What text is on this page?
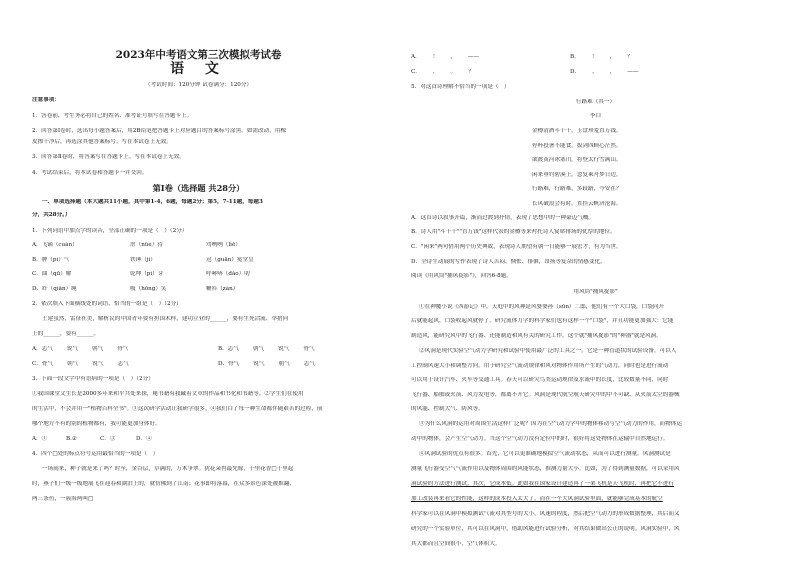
2023年中考语文第三次模拟考试卷
语 文
（考试时间：120分钟 试卷满分：120分）
注意事项：
1．答卷前，考生务必将自己的姓名、准考证号填写在答题卡上。
2．回答第Ⅰ卷时，选出每小题答案后，用2B铅笔把答题卡上对应题目的答案标号涂黑。如需改动，用橡
皮擦干净后，再选涂其他答案标号。写在本试卷上无效。
3．回答第Ⅱ卷时，将答案写在答题卡上。写在本试卷上无效。
4．考试结束后，将本试卷和答题卡一并交回。
第Ⅰ卷（选择题 共28分）
一、单项选择题（本大题共11小题，其中第1-4，6题，每题2分；第5，7-11题，每题3
分，共28分。）
1．下列词语中加点字的读音，全部正确的一项是（　）（2分）
A．飞镝（cuàn）	虐（nüè）待	骂咧咧（liē）
B．脾（pí）气	铁锤（jì）	冠（guān）冕堂皇
C．曲（qū）解	乾坤（pí）芽	呼哧哧（dǎo）叨
D．纤（qiān）绳	吸（hōng）笑	鞭笞（zán）
2．依次填入下面横线处的词语，恰当的一组是（　）（2分）
土建虽然，雷征在美，解析民的中国青年要有担国术样，建功立业的______，要有生死洽流、举措向
上的______，要有______。
A．志气	锐气	朝气	骨气	B．志气	朝气	锐气	骨气
C．骨气	朝气	锐气	志气	D．骨气	锐气	朝气	志气
3．下面一段文字中有语病的一项是（　）（2分）
①我国课堂文生长是2000多年来和平共处来探，秘书籍有我藏着文章的作品和书化和书籍等。②学生们在使用
的生活中，不会并用一"植物百科全书"。③这次研学活动让我研学很多。④我们白了每一种生命都伴随艰苦的过程，前
哪个地方不有的别的植物都有，我可能更加身体好。
A．①	B.②	C．③	D．④
4．四个□处的标点符号运用最恰当的一项是（　）
一场雨来，种子就是来了吗？时至，金谷层，草满的，万木争翠。犹花朵兽最先嫁，十里花香□千里起
时，燕子们一级一级地展飞在迎春和湖泊上的，就仿佛到了江南；花事即将落幕，在众多景色深处被推翻，
两三条鱼，一簇海两叫□
A． ！ ， ——	B． ！ ， ？
C． ， 。 ？	D． ， ， ——
5．对这首诗理解不恰当的一项是（　）
行路难（其一）
李白
金樽清酒斗十千，玉盘珍羞直万钱。
停杯投箸不能食，拔剑四顾心茫然。
欲渡黄河冰塞川，将登太行雪满山。
闲来垂钓碧溪上，忽复乘舟梦日边。
行路难，行路难，多歧路，今安在？
长风破浪会有时，直挂云帆济沧海。
A．这首诗以叙事开篇，渐而过渡到抒情，表现了思想中的一种豪迈气概。
B．诗人用"斗十千""直万钱"这样代表的金樽等来衬托诗人宴席排场的优厚的地位。
C．"闲来"两句借用两个历史典故，表现诗人期望有朝一日能够一展宏才，有为当世。
D．全诗生动展的写作表现了诗人苦闷、惆怅、徘徊，昂扬等复杂的情感变化。
阅读《用风筒"捕风捉影"》，回答6-8题。
用风筒"捕风捉影"
①在神魔小说《西游记》中，天庭中的风神是风婆婆孙（sūn）二郎，他们有一个大口袋，口袋向开
后就能起风，口袋收起风就停了。研究流体力学的科学家们也有这样一个"口袋"，并且功能更加强大：它能
制造风，能研究风中的飞行器、还能制造和风有关的研究工作。这个就"捕风捉影"的"神器"就是风洞。
②风洞是现代实验空气动力学研究和试验中使用最广泛的工具之一。它是一种管道状的试验设备，可以人
工控制风速大小和调整方向，用于研究空气流动规律和风对物体作用所产生的气动力，同时也是进行流动
可以用于设计汽车、火车等交通工具。春天可以研究鸟类运动规律及水流中的长度，比较数量不同，同时
飞行器、船舶或火箭、风力发电等，都离不开它。风洞是现代航空航天研究中的中不可缺、从火箭太空的器械
的风能、控制大气、防风等。
③为什么风洞的运用对周围生活这样广泛呢？因为在空气动力学中的物体移动与空气动力的作用，而物体运
动中的物体，会产生空气动力。当这个空气动力没有定位中的时，很好将这处物体在运输中自然地运行。
④风洞试验的优点有很多。首先，它可以更准确地模拟空气流动状态，从而可以进行测量。风洞测试是
测量飞行器受空气气流作用以及物体周围的风能状态，推测力量大小。比如，为了得到测量数据，可以采用风
洞试验的方法进行测试。其次，它成本低。此如我在国家设计建造再了一架飞机是天飞机时，再把它不进行
加工改装再来看它的性能，这样的成本投入太大了。而在一个大风洞试验里面，就能够完成基本的航空
科学家可以在风洞中模拟测试气流对其型号的大小，风速的程度，然后把空气动力的形成数据整理，其后而又
研究的一个实验单位，其可以在风洞中，借助风能进行试验分析，对其结果做出公正的说明。风洞实验中，风
其大都而且空间很小，空气体积大。
